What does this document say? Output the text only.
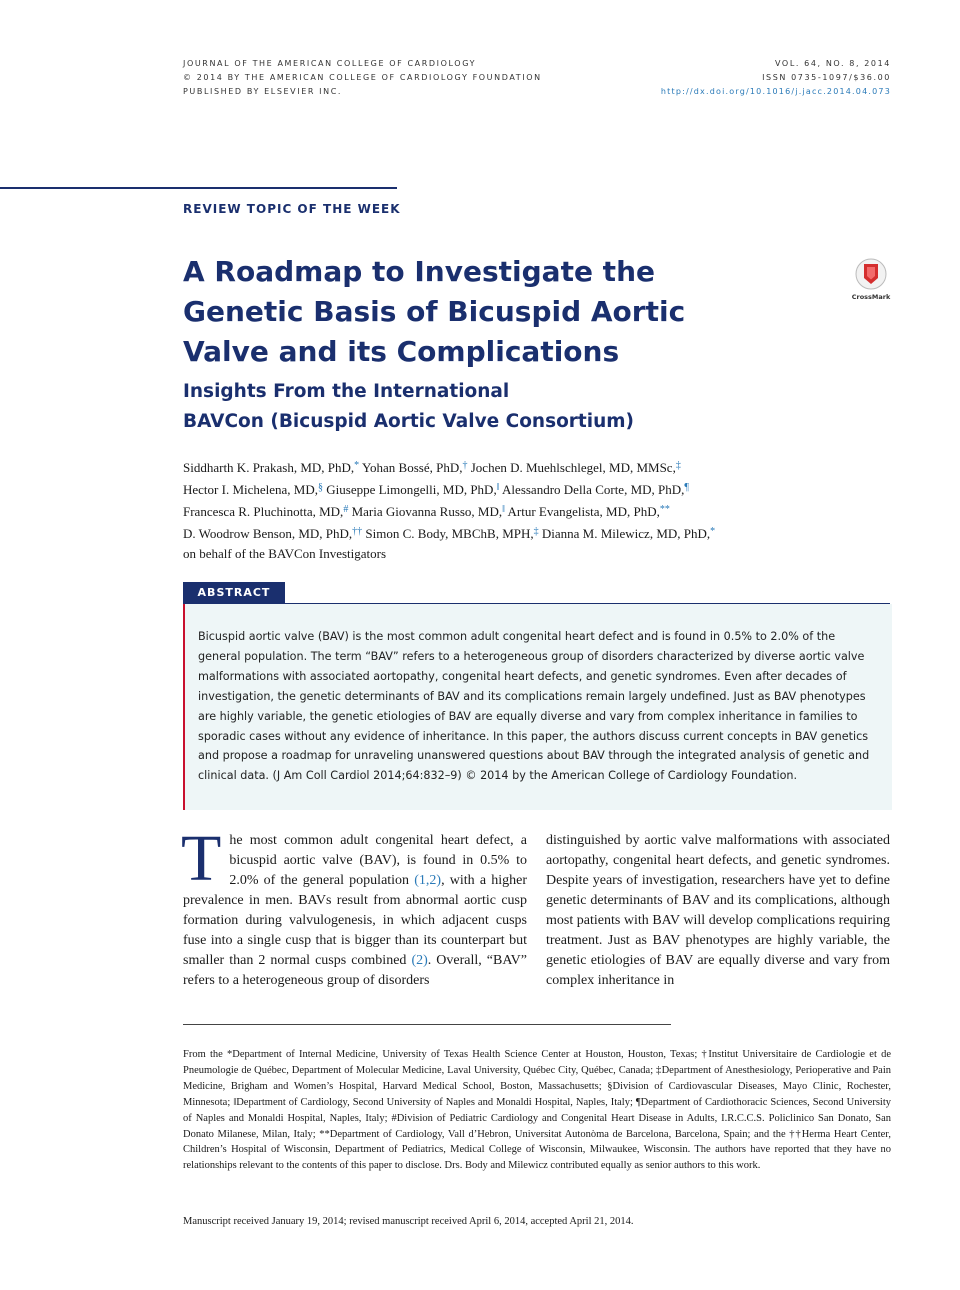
JOURNAL OF THE AMERICAN COLLEGE OF CARDIOLOGY
© 2014 BY THE AMERICAN COLLEGE OF CARDIOLOGY FOUNDATION
PUBLISHED BY ELSEVIER INC.
VOL. 64, NO. 8, 2014
ISSN 0735-1097/$36.00
http://dx.doi.org/10.1016/j.jacc.2014.04.073
REVIEW TOPIC OF THE WEEK
A Roadmap to Investigate the Genetic Basis of Bicuspid Aortic Valve and its Complications
Insights From the International
BAVCon (Bicuspid Aortic Valve Consortium)
CrossMark
Siddharth K. Prakash, MD, PhD,* Yohan Bossé, PhD,† Jochen D. Muehlschlegel, MD, MMSc,‡
Hector I. Michelena, MD,§ Giuseppe Limongelli, MD, PhD,‖ Alessandro Della Corte, MD, PhD,¶
Francesca R. Pluchinotta, MD,# Maria Giovanna Russo, MD,‖ Artur Evangelista, MD, PhD,**
D. Woodrow Benson, MD, PhD,†† Simon C. Body, MBChB, MPH,‡ Dianna M. Milewicz, MD, PhD,*
on behalf of the BAVCon Investigators
ABSTRACT

Bicuspid aortic valve (BAV) is the most common adult congenital heart defect and is found in 0.5% to 2.0% of the general population. The term “BAV” refers to a heterogeneous group of disorders characterized by diverse aortic valve malformations with associated aortopathy, congenital heart defects, and genetic syndromes. Even after decades of investigation, the genetic determinants of BAV and its complications remain largely undefined. Just as BAV phenotypes are highly variable, the genetic etiologies of BAV are equally diverse and vary from complex inheritance in families to sporadic cases without any evidence of inheritance. In this paper, the authors discuss current concepts in BAV genetics and propose a roadmap for unraveling unanswered questions about BAV through the integrated analysis of genetic and clinical data. (J Am Coll Cardiol 2014;64:832–9) © 2014 by the American College of Cardiology Foundation.

The most common adult congenital heart defect, a bicuspid aortic valve (BAV), is found in 0.5% to 2.0% of the general population (1,2), with a higher prevalence in men. BAVs result from abnormal aortic cusp formation during valvulogenesis, in which adjacent cusps fuse into a single cusp that is bigger than its counterpart but smaller than 2 normal cusps combined (2). Overall, “BAV” refers to a heterogeneous group of disorders

distinguished by aortic valve malformations with associated aortopathy, congenital heart defects, and genetic syndromes. Despite years of investigation, researchers have yet to define genetic determinants of BAV and its complications, although most patients with BAV will develop complications requiring treatment. Just as BAV phenotypes are highly variable, the genetic etiologies of BAV are equally diverse and vary from complex inheritance in

From the *Department of Internal Medicine, University of Texas Health Science Center at Houston, Houston, Texas; †Institut Universitaire de Cardiologie et de Pneumologie de Québec, Department of Molecular Medicine, Laval University, Québec City, Québec, Canada; ‡Department of Anesthesiology, Perioperative and Pain Medicine, Brigham and Women’s Hospital, Harvard Medical School, Boston, Massachusetts; §Division of Cardiovascular Diseases, Mayo Clinic, Rochester, Minnesota; ‖Department of Cardiology, Second University of Naples and Monaldi Hospital, Naples, Italy; ¶Department of Cardiothoracic Sciences, Second University of Naples and Monaldi Hospital, Naples, Italy; #Division of Pediatric Cardiology and Congenital Heart Disease in Adults, I.R.C.C.S. Policlinico San Donato, San Donato Milanese, Milan, Italy; **Department of Cardiology, Vall d’Hebron, Universitat Autonòma de Barcelona, Barcelona, Spain; and the ††Herma Heart Center, Children’s Hospital of Wisconsin, Department of Pediatrics, Medical College of Wisconsin, Milwaukee, Wisconsin. The authors have reported that they have no relationships relevant to the contents of this paper to disclose. Drs. Body and Milewicz contributed equally as senior authors to this work.

Manuscript received January 19, 2014; revised manuscript received April 6, 2014, accepted April 21, 2014.
